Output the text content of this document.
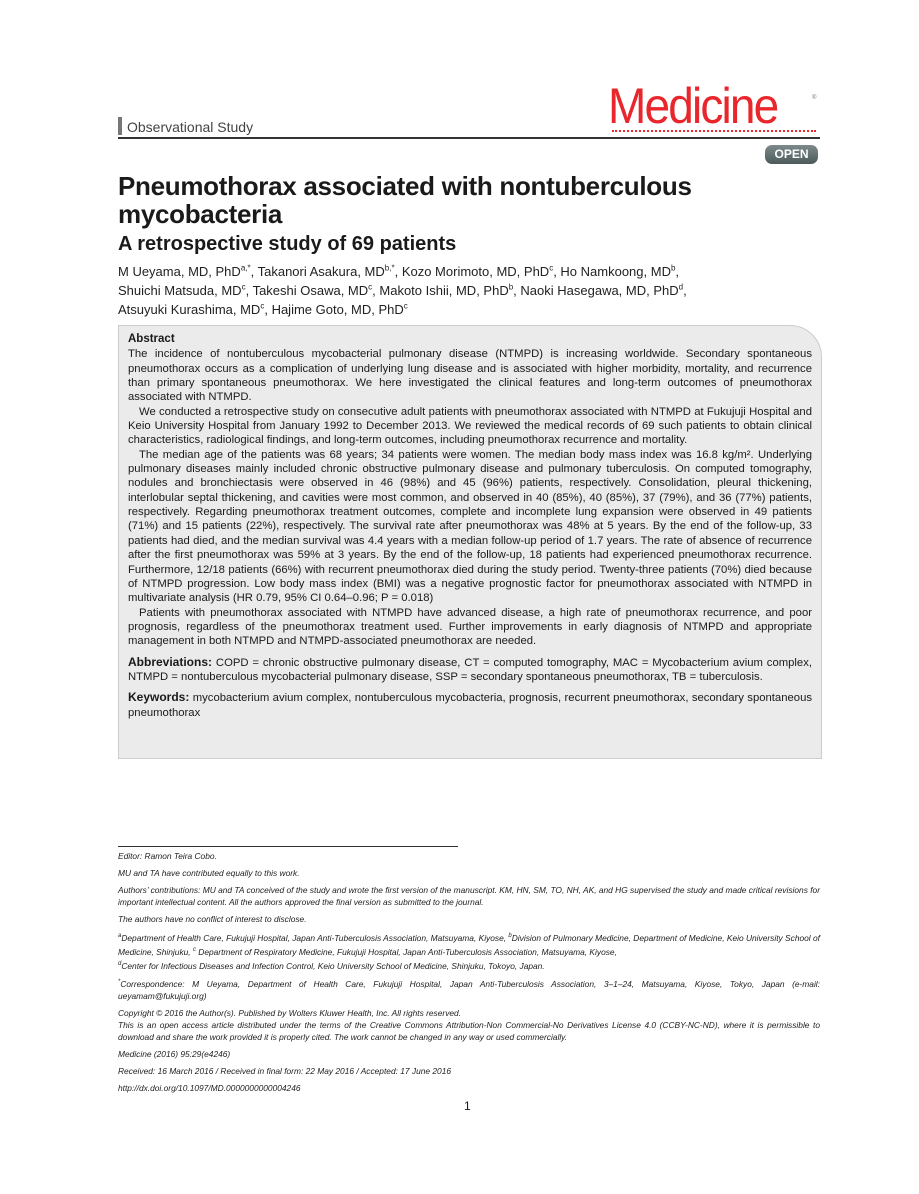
Observational Study	Medicine	®
OPEN
Pneumothorax associated with nontuberculous mycobacteria
A retrospective study of 69 patients
M Ueyama, MD, PhD$^{a,*}$, Takanori Asakura, $MD^{b,*}$, Kozo Morimoto, MD, PhD$^c$, Ho Namkoong, $MD^b$,
Shuichi Matsuda, $MD^c$, Takeshi Osawa, $MD^c$, Makoto Ishii, MD, PhD$^b$, Naoki Hasegawa, MD, PhD$^d$,
Atsuyuki Kurashima, $MD^c$, Hajime Goto, MD, PhD$^c$
Abstract

The incidence of nontuberculous mycobacterial pulmonary disease (NTMPD) is increasing worldwide. Secondary spontaneous pneumothorax occurs as a complication of underlying lung disease and is associated with higher morbidity, mortality, and recurrence than primary spontaneous pneumothorax. We here investigated the clinical features and long-term outcomes of pneumothorax associated with NTMPD.

We conducted a retrospective study on consecutive adult patients with pneumothorax associated with NTMPD at Fukujuji Hospital and Keio University Hospital from January 1992 to December 2013. We reviewed the medical records of 69 such patients to obtain clinical characteristics, radiological findings, and long-term outcomes, including pneumothorax recurrence and mortality.

The median age of the patients was 68 years; 34 patients were women. The median body mass index was 16.8 kg/m². Underlying pulmonary diseases mainly included chronic obstructive pulmonary disease and pulmonary tuberculosis. On computed tomography, nodules and bronchiectasis were observed in 46 (98%) and 45 (96%) patients, respectively. Consolidation, pleural thickening, interlobular septal thickening, and cavities were most common, and observed in 40 (85%), 40 (85%), 37 (79%), and 36 (77%) patients, respectively. Regarding pneumothorax treatment outcomes, complete and incomplete lung expansion were observed in 49 patients (71%) and 15 patients (22%), respectively. The survival rate after pneumothorax was 48% at 5 years. By the end of the follow-up, 33 patients had died, and the median survival was 4.4 years with a median follow-up period of 1.7 years. The rate of absence of recurrence after the first pneumothorax was 59% at 3 years. By the end of the follow-up, 18 patients had experienced pneumothorax recurrence. Furthermore, 12/18 patients (66%) with recurrent pneumothorax died during the study period. Twenty-three patients (70%) died because of NTMPD progression. Low body mass index (BMI) was a negative prognostic factor for pneumothorax associated with NTMPD in multivariate analysis (HR 0.79, 95% CI 0.64–0.96; P = 0.018)

Patients with pneumothorax associated with NTMPD have advanced disease, a high rate of pneumothorax recurrence, and poor prognosis, regardless of the pneumothorax treatment used. Further improvements in early diagnosis of NTMPD and appropriate management in both NTMPD and NTMPD-associated pneumothorax are needed.

Abbreviations: COPD = chronic obstructive pulmonary disease, CT = computed tomography, MAC = Mycobacterium avium complex, NTMPD = nontuberculous mycobacterial pulmonary disease, SSP = secondary spontaneous pneumothorax, TB = tuberculosis.

Keywords: mycobacterium avium complex, nontuberculous mycobacteria, prognosis, recurrent pneumothorax, secondary spontaneous pneumothorax

Editor: Ramon Teira Cobo.

MU and TA have contributed equally to this work.

Authors’ contributions: MU and TA conceived of the study and wrote the first version of the manuscript. KM, HN, SM, TO, NH, AK, and HG supervised the study and made critical revisions for important intellectual content. All the authors approved the final version as submitted to the journal.

The authors have no conflict of interest to disclose.

$^a$Department of Health Care, Fukujuji Hospital, Japan Anti-Tuberculosis Association, Matsuyama, Kiyose, $^b$Division of Pulmonary Medicine, Department of Medicine, Keio University School of Medicine, Shinjuku, $^c$ Department of Respiratory Medicine, Fukujuji Hospital, Japan Anti-Tuberculosis Association, Matsuyama, Kiyose,
$^d$Center for Infectious Diseases and Infection Control, Keio University School of Medicine, Shinjuku, Tokoyo, Japan.

*Correspondence: M Ueyama, Department of Health Care, Fukujuji Hospital, Japan Anti-Tuberculosis Association, 3–1–24, Matsuyama, Kiyose, Tokyo, Japan (e-mail: ueyamam@fukujuji.org)

Copyright © 2016 the Author(s). Published by Wolters Kluwer Health, Inc. All rights reserved.

This is an open access article distributed under the terms of the Creative Commons Attribution-Non Commercial-No Derivatives License 4.0 (CCBY-NC-ND), where it is permissible to download and share the work provided it is properly cited. The work cannot be changed in any way or used commercially.

Medicine (2016) 95:29(e4246)

Received: 16 March 2016 / Received in final form: 22 May 2016 / Accepted: 17 June 2016

http://dx.doi.org/10.1097/MD.0000000000004246

1
